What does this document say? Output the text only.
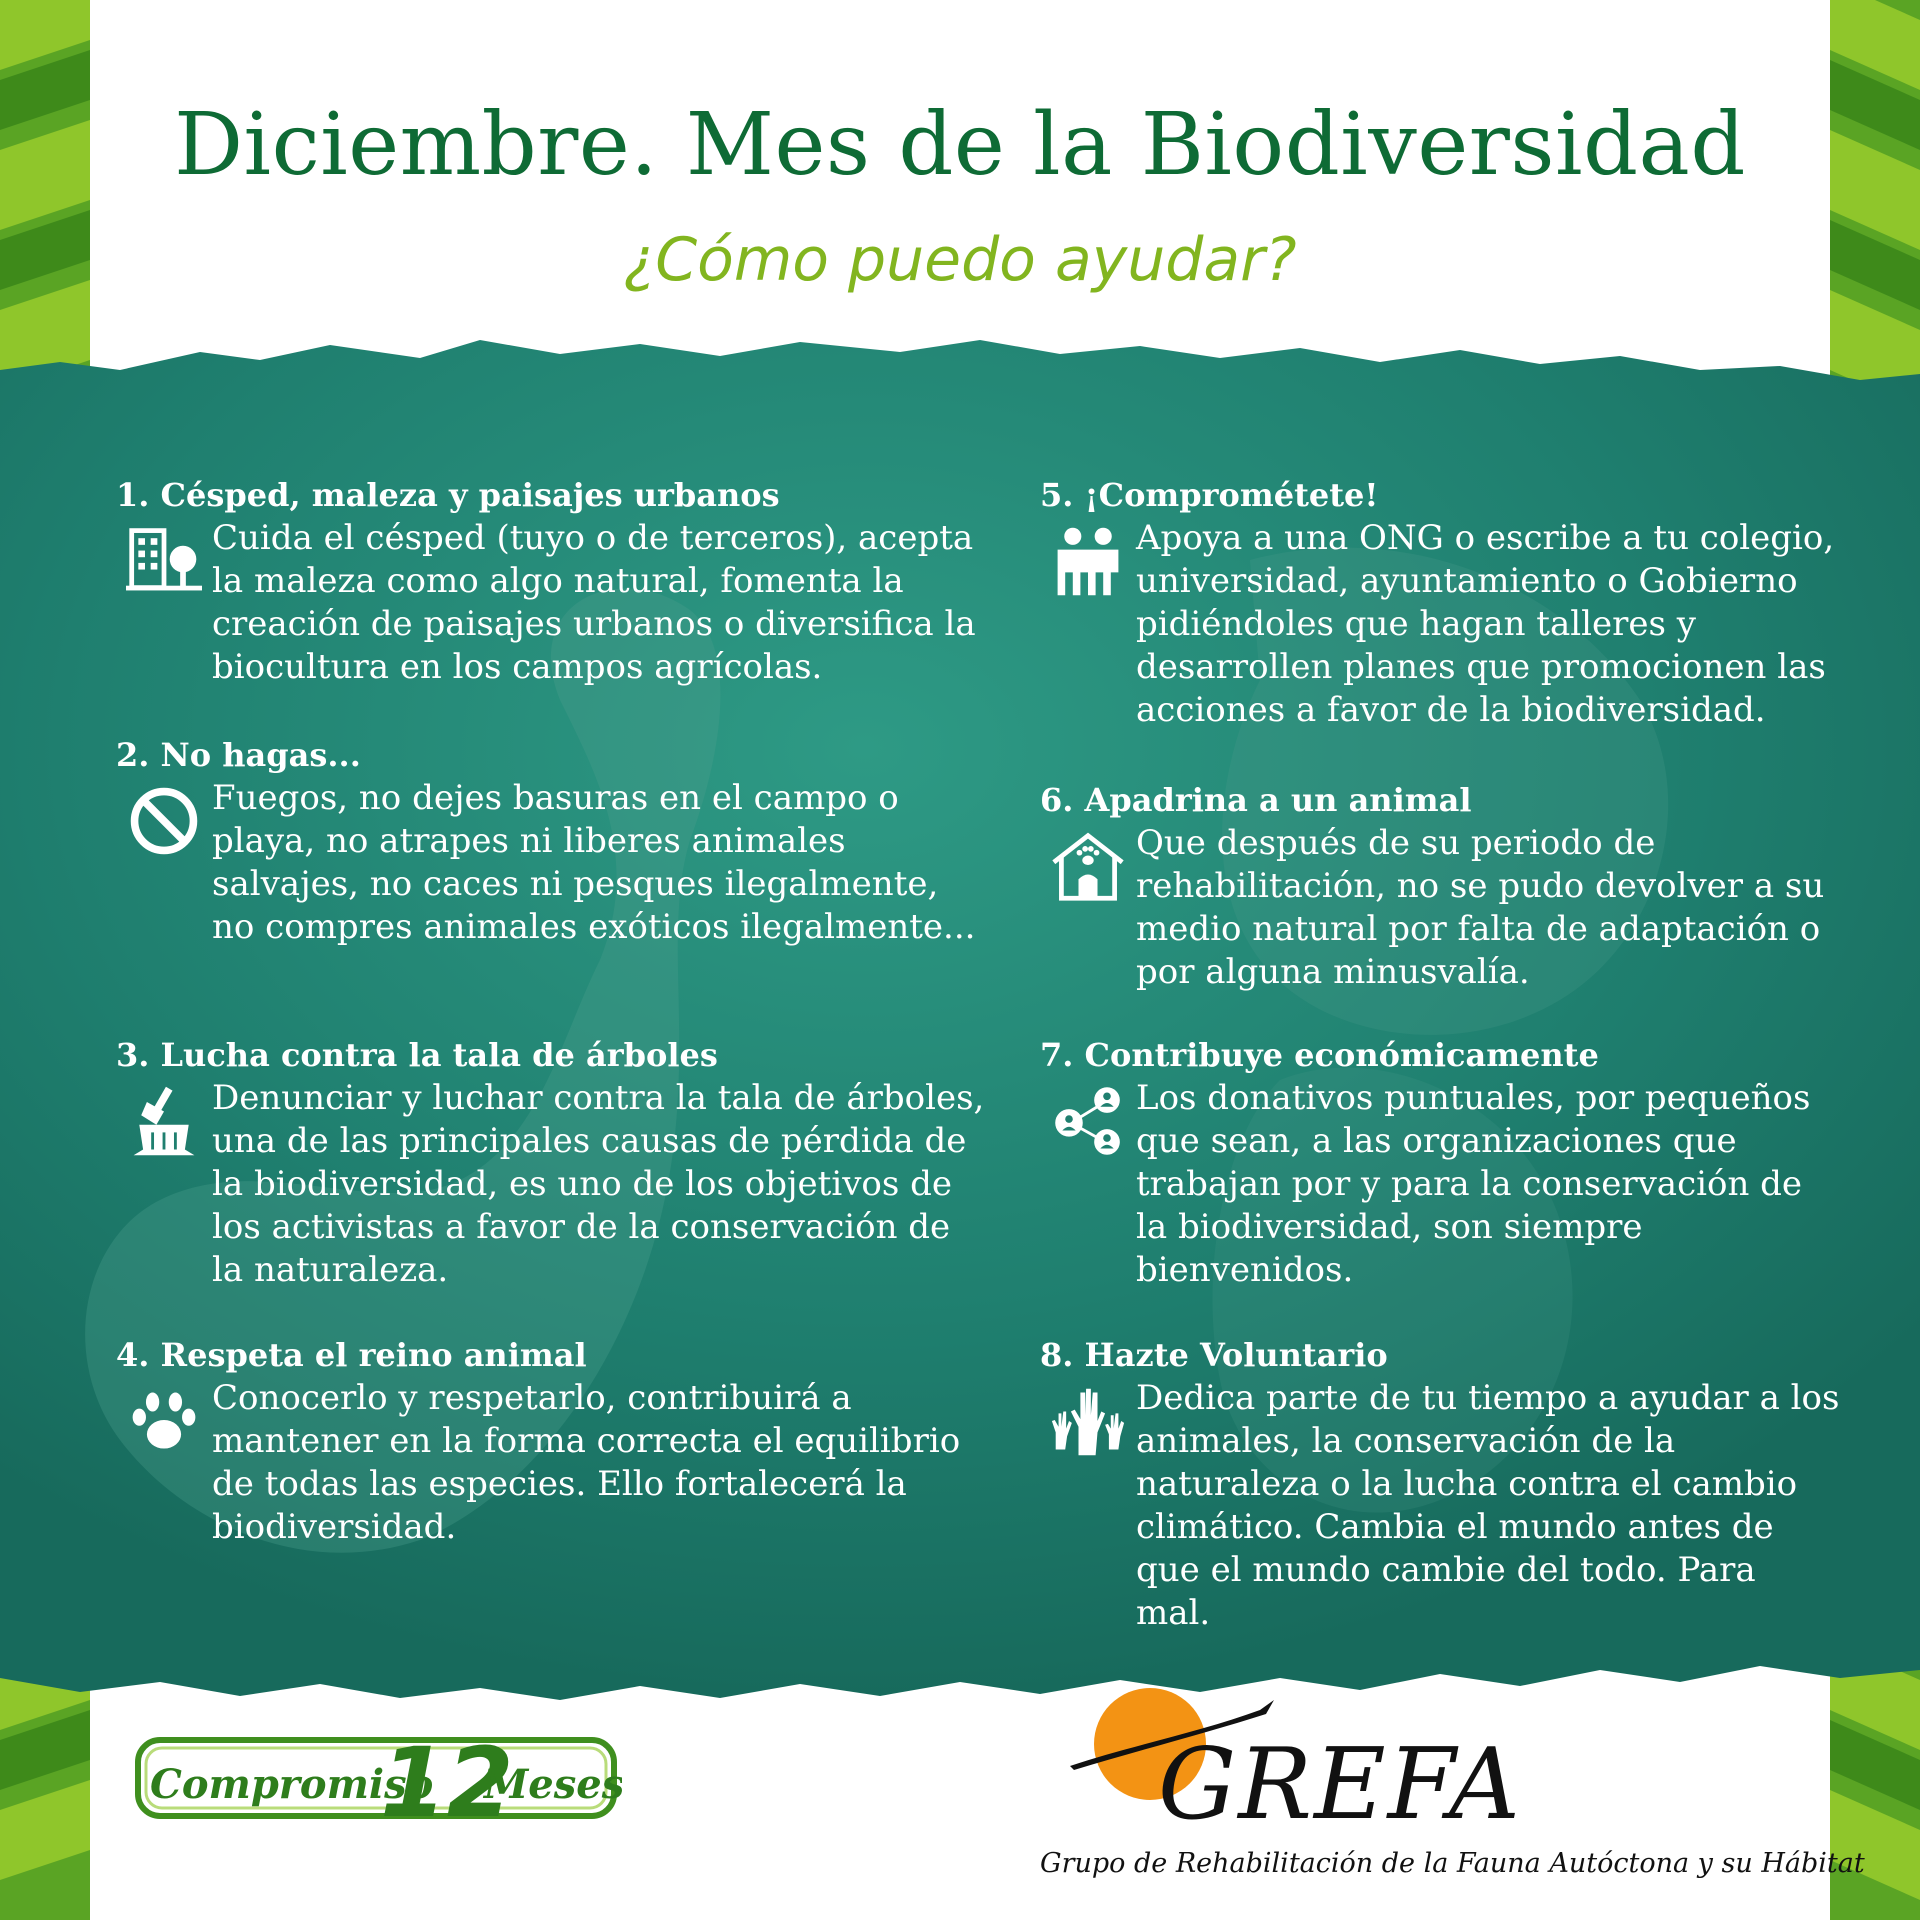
Diciembre. Mes de la Biodiversidad
¿Cómo puedo ayudar?
1. Césped, maleza y paisajes urbanos

Cuida el césped (tuyo o de terceros), acepta la maleza como algo natural, fomenta la creación de paisajes urbanos o diversifica la biocultura en los campos agrícolas.

2. No hagas...

Fuegos, no dejes basuras en el campo o playa, no atrapes ni liberes animales salvajes, no caces ni pesques ilegalmente, no compres animales exóticos ilegalmente...

3. Lucha contra la tala de árboles

Denunciar y luchar contra la tala de árboles, una de las principales causas de pérdida de la biodiversidad, es uno de los objetivos de los activistas a favor de la conservación de la naturaleza.

4. Respeta el reino animal

Conocerlo y respetarlo, contribuirá a mantener en la forma correcta el equilibrio de todas las especies. Ello fortalecerá la biodiversidad.

5. ¡Comprométete!

Apoya a una ONG o escribe a tu colegio, universidad, ayuntamiento o Gobierno pidiéndoles que hagan talleres y desarrollen planes que promocionen las acciones a favor de la biodiversidad.

6. Apadrina a un animal

Que después de su periodo de rehabilitación, no se pudo devolver a su medio natural por falta de adaptación o por alguna minusvalía.

7. Contribuye económicamente

Los donativos puntuales, por pequeños que sean, a las organizaciones que trabajan por y para la conservación de la biodiversidad, son siempre bienvenidos.

8. Hazte Voluntario

Dedica parte de tu tiempo a ayudar a los animales, la conservación de la naturaleza o la lucha contra el cambio climático. Cambia el mundo antes de que el mundo cambie del todo. Para mal.

Compromiso
12
Meses	GREFA
Grupo de Rehabilitación de la Fauna Autóctona y su Hábitat
